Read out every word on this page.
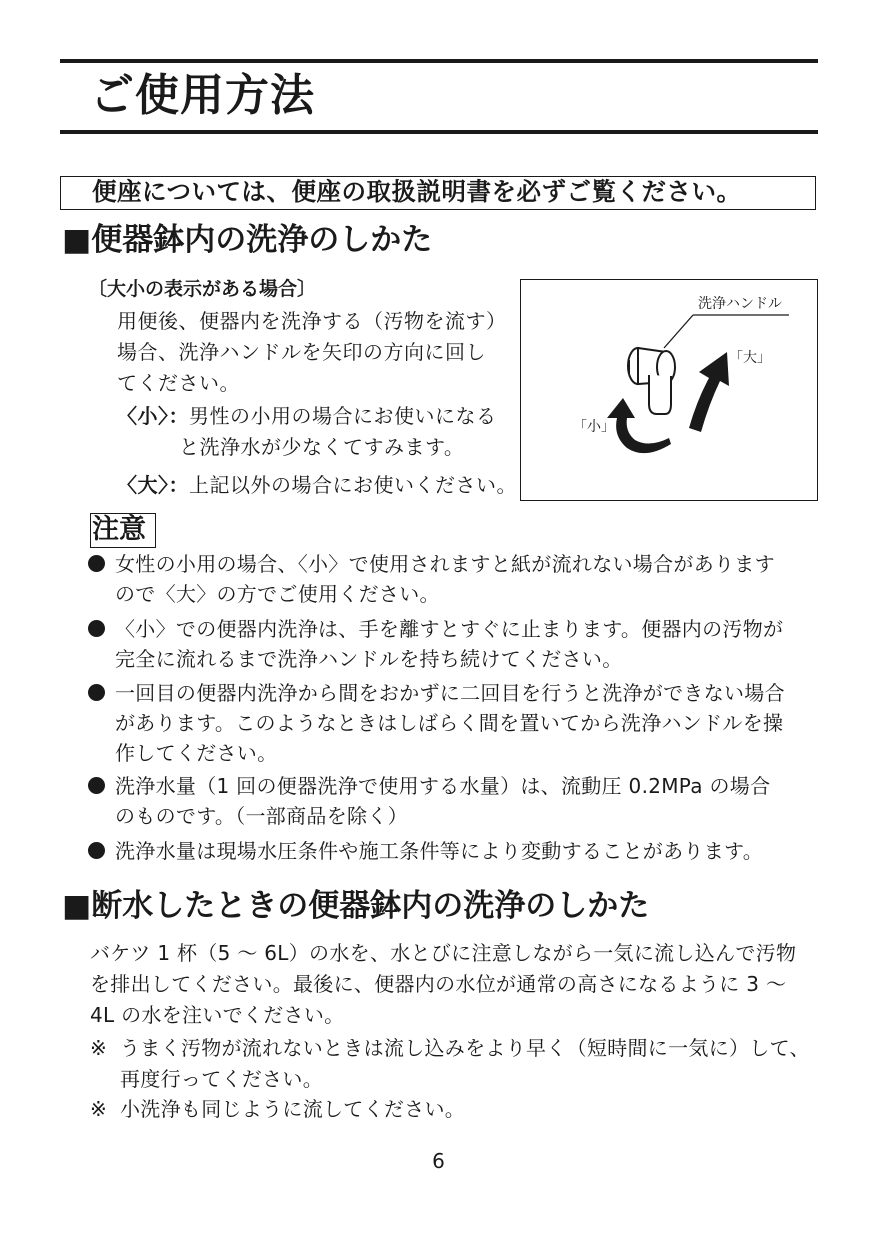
ご使用方法
便座については、便座の取扱説明書を必ずご覧ください。
■便器鉢内の洗浄のしかた
〔大小の表示がある場合〕
用便後、便器内を洗浄する（汚物を流す）
場合、洗浄ハンドルを矢印の方向に回し
てください。
〈小〉：男性の小用の場合にお使いになる
と洗浄水が少なくてすみます。
〈大〉：上記以外の場合にお使いください。
洗浄ハンドル
「大」
「小」
注意
女性の小用の場合、〈小〉で使用されますと紙が流れない場合があります
ので〈大〉の方でご使用ください。
〈小〉での便器内洗浄は、手を離すとすぐに止まります。便器内の汚物が
完全に流れるまで洗浄ハンドルを持ち続けてください。
一回目の便器内洗浄から間をおかずに二回目を行うと洗浄ができない場合
があります。このようなときはしばらく間を置いてから洗浄ハンドルを操
作してください。
洗浄水量（1 回の便器洗浄で使用する水量）は、流動圧 0.2MPa の場合
のものです。（一部商品を除く）
洗浄水量は現場水圧条件や施工条件等により変動することがあります。
■断水したときの便器鉢内の洗浄のしかた
バケツ 1 杯（5 ～ 6L）の水を、水とびに注意しながら一気に流し込んで汚物
を排出してください。最後に、便器内の水位が通常の高さになるように 3 ～
4L の水を注いでください。
※ うまく汚物が流れないときは流し込みをより早く（短時間に一気に）して、
再度行ってください。
※ 小洗浄も同じように流してください。
6
